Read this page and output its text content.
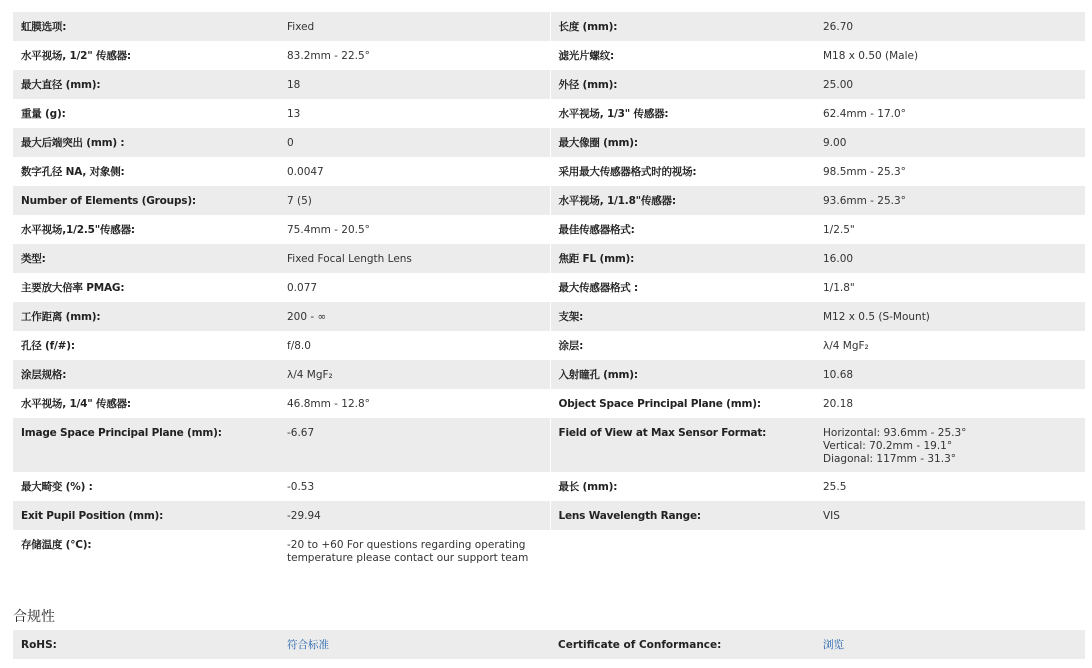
虹膜选项:	Fixed	长度 (mm):	26.70

水平视场, 1/2" 传感器:	83.2mm - 22.5°	滤光片螺纹:	M18 x 0.50 (Male)

最大直径 (mm):	18	外径 (mm):	25.00

重量 (g):	13	水平视场, 1/3" 传感器:	62.4mm - 17.0°

最大后端突出 (mm) :	0	最大像圈 (mm):	9.00

数字孔径 NA, 对象侧:	0.0047	采用最大传感器格式时的视场:	98.5mm - 25.3°

Number of Elements (Groups):	7 (5)	水平视场, 1/1.8"传感器:	93.6mm - 25.3°

水平视场,1/2.5"传感器:	75.4mm - 20.5°	最佳传感器格式:	1/2.5"

类型:	Fixed Focal Length Lens	焦距 FL (mm):	16.00

主要放大倍率 PMAG:	0.077	最大传感器格式 :	1/1.8"

工作距离 (mm):	200 - ∞	支架:	M12 x 0.5 (S-Mount)

孔径 (f/#):	f/8.0	涂层:	λ/4 MgF₂

涂层规格:	λ/4 MgF₂	入射瞳孔 (mm):	10.68

水平视场, 1/4" 传感器:	46.8mm - 12.8°	Object Space Principal Plane (mm):	20.18

Image Space Principal Plane (mm):	-6.67	Field of View at Max Sensor Format:	Horizontal: 93.6mm - 25.3°
Vertical: 70.2mm - 19.1°
Diagonal: 117mm - 31.3°

最大畸变 (%) :	-0.53	最长 (mm):	25.5

Exit Pupil Position (mm):	-29.94	Lens Wavelength Range:	VIS

存储温度 (°C):	-20 to +60 For questions regarding operating
temperature please contact our support team		

合规性
RoHS:	符合标准	Certificate of Conformance:	浏览
